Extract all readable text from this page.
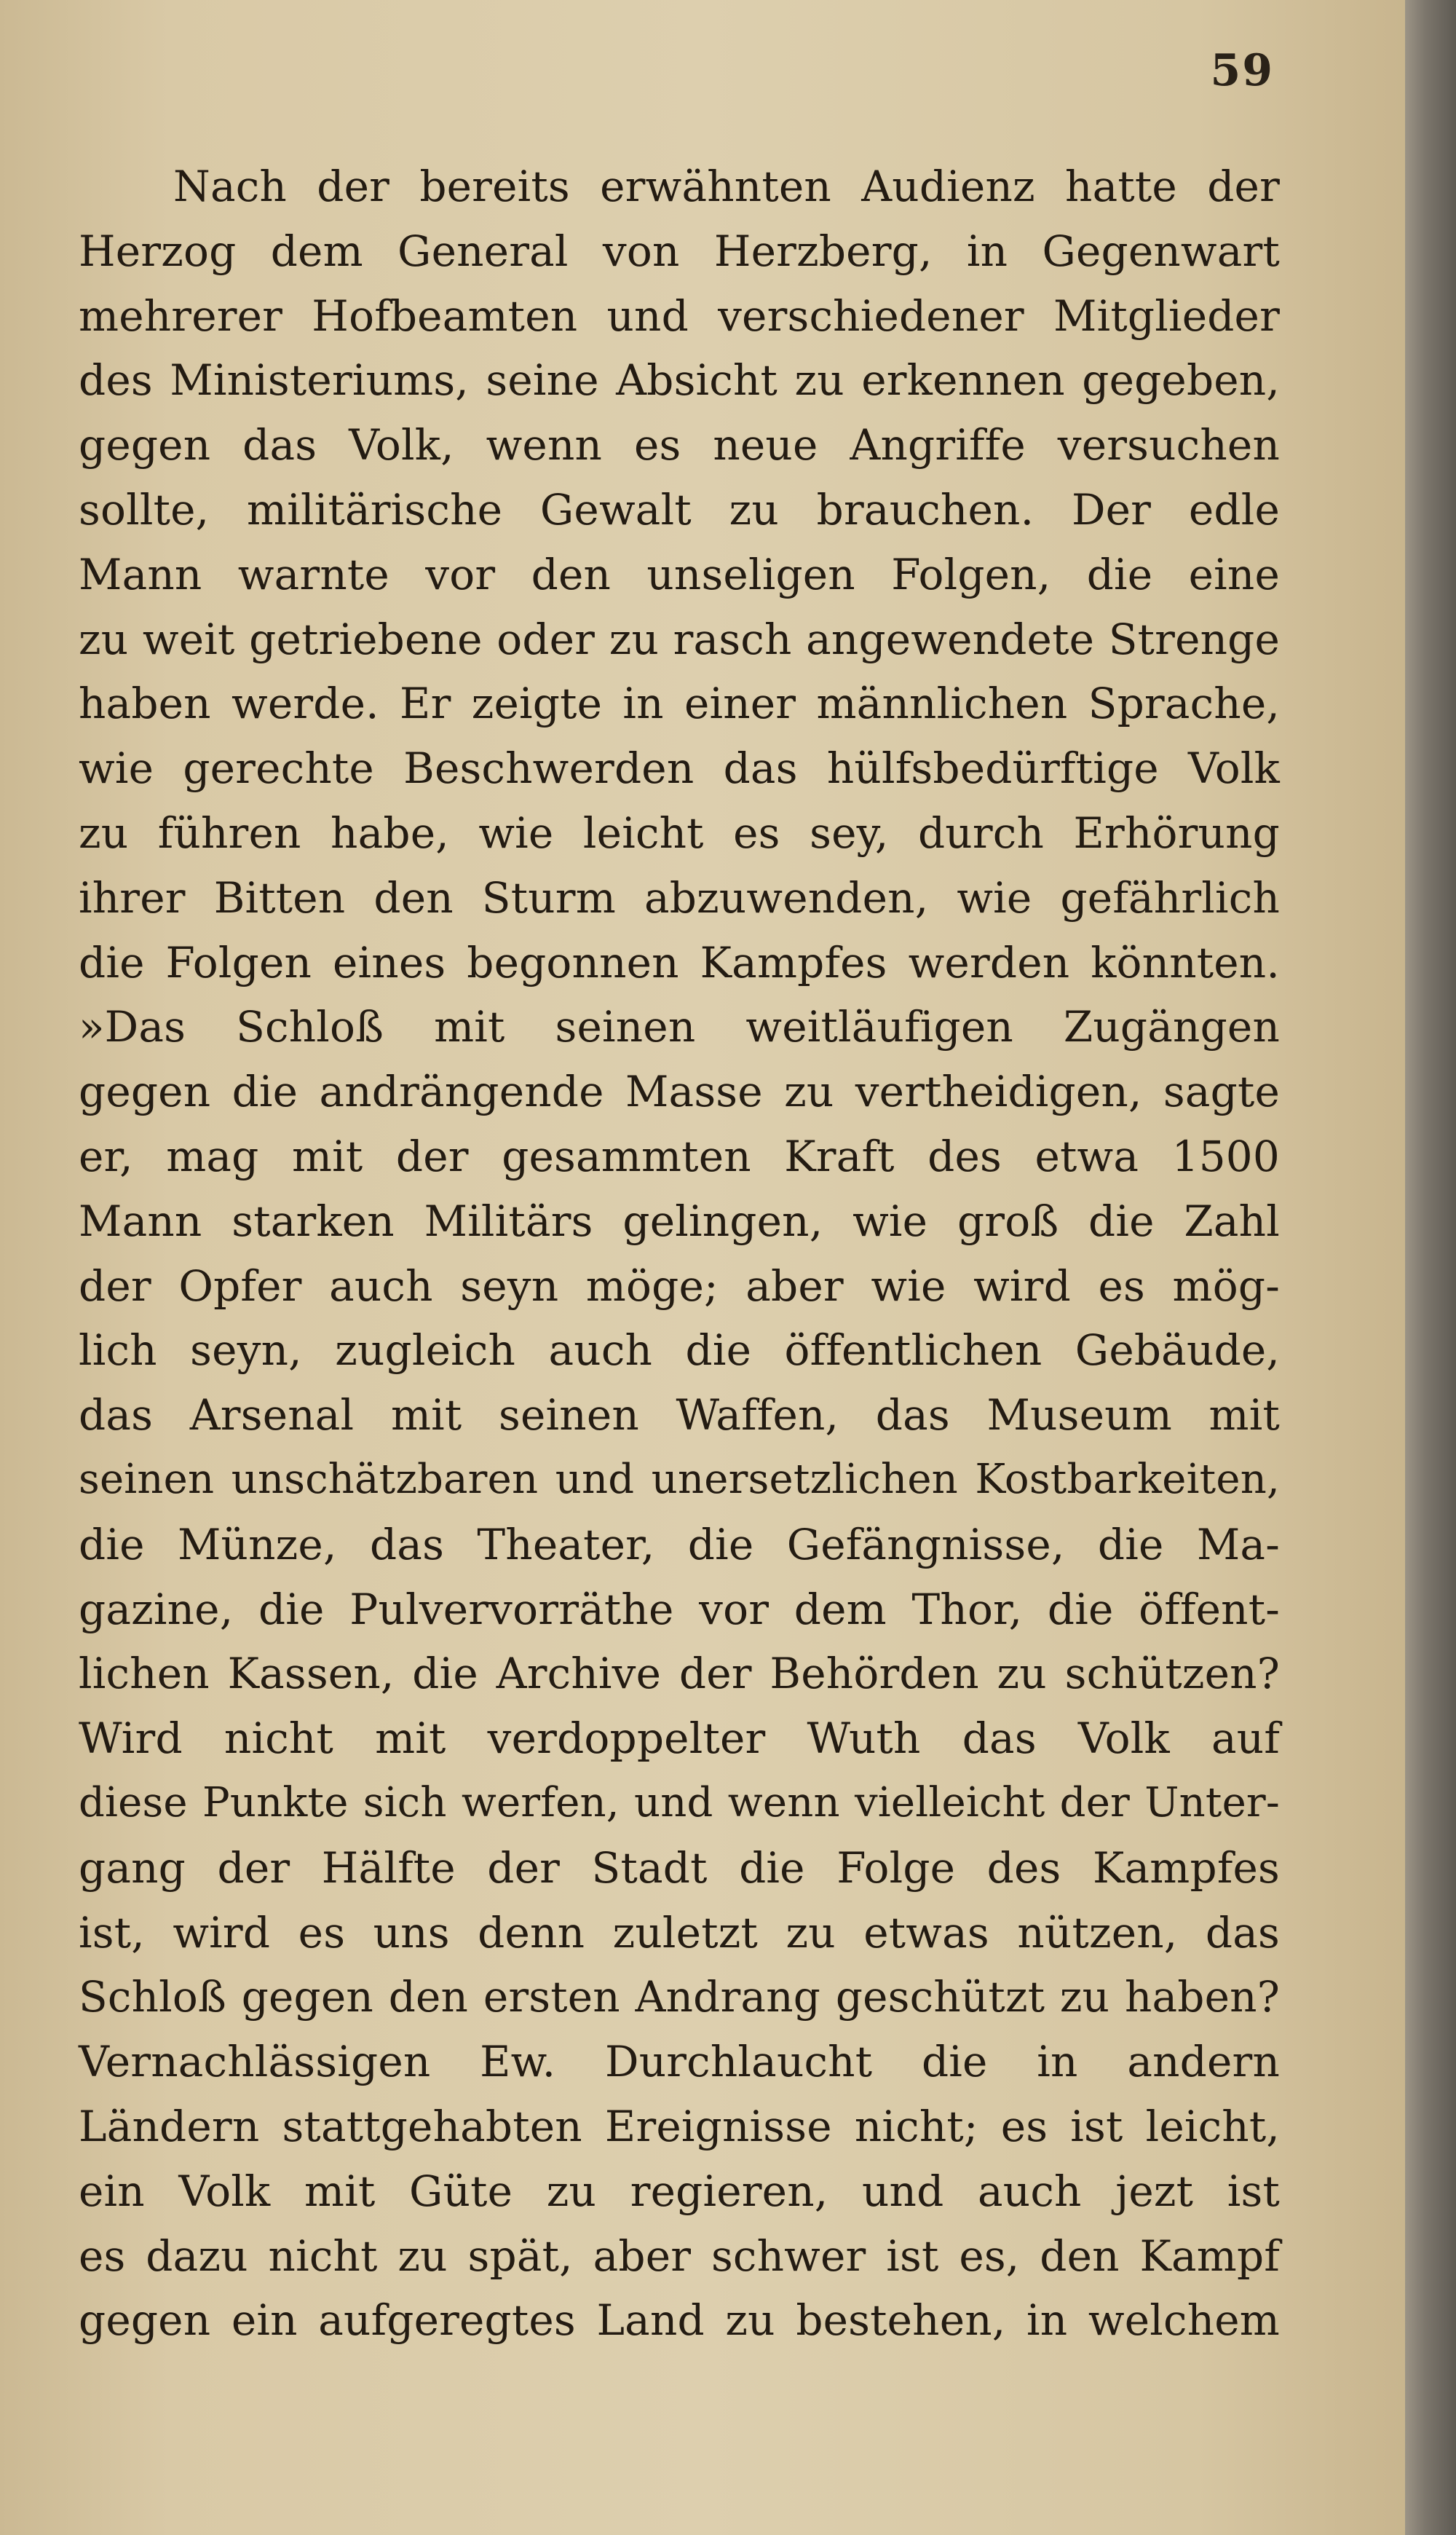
59
Nach der bereits erwähnten Audienz hatte der
Herzog dem General von Herzberg, in Gegenwart
mehrerer Hofbeamten und verschiedener Mitglieder
des Ministeriums, seine Absicht zu erkennen gegeben,
gegen das Volk, wenn es neue Angriffe versuchen
sollte, militärische Gewalt zu brauchen. Der edle
Mann warnte vor den unseligen Folgen, die eine
zu weit getriebene oder zu rasch angewendete Strenge
haben werde. Er zeigte in einer männlichen Sprache,
wie gerechte Beschwerden das hülfsbedürftige Volk
zu führen habe, wie leicht es sey, durch Erhörung
ihrer Bitten den Sturm abzuwenden, wie gefährlich
die Folgen eines begonnen Kampfes werden könnten.
»Das Schloß mit seinen weitläufigen Zugängen
gegen die andrängende Masse zu vertheidigen, sagte
er, mag mit der gesammten Kraft des etwa 1500
Mann starken Militärs gelingen, wie groß die Zahl
der Opfer auch seyn möge; aber wie wird es mög-
lich seyn, zugleich auch die öffentlichen Gebäude,
das Arsenal mit seinen Waffen, das Museum mit
seinen unschätzbaren und unersetzlichen Kostbarkeiten,
die Münze, das Theater, die Gefängnisse, die Ma-
gazine, die Pulvervorräthe vor dem Thor, die öffent-
lichen Kassen, die Archive der Behörden zu schützen?
Wird nicht mit verdoppelter Wuth das Volk auf
diese Punkte sich werfen, und wenn vielleicht der Unter-
gang der Hälfte der Stadt die Folge des Kampfes
ist, wird es uns denn zuletzt zu etwas nützen, das
Schloß gegen den ersten Andrang geschützt zu haben?
Vernachlässigen Ew. Durchlaucht die in andern
Ländern stattgehabten Ereignisse nicht; es ist leicht,
ein Volk mit Güte zu regieren, und auch jezt ist
es dazu nicht zu spät, aber schwer ist es, den Kampf
gegen ein aufgeregtes Land zu bestehen, in welchem
